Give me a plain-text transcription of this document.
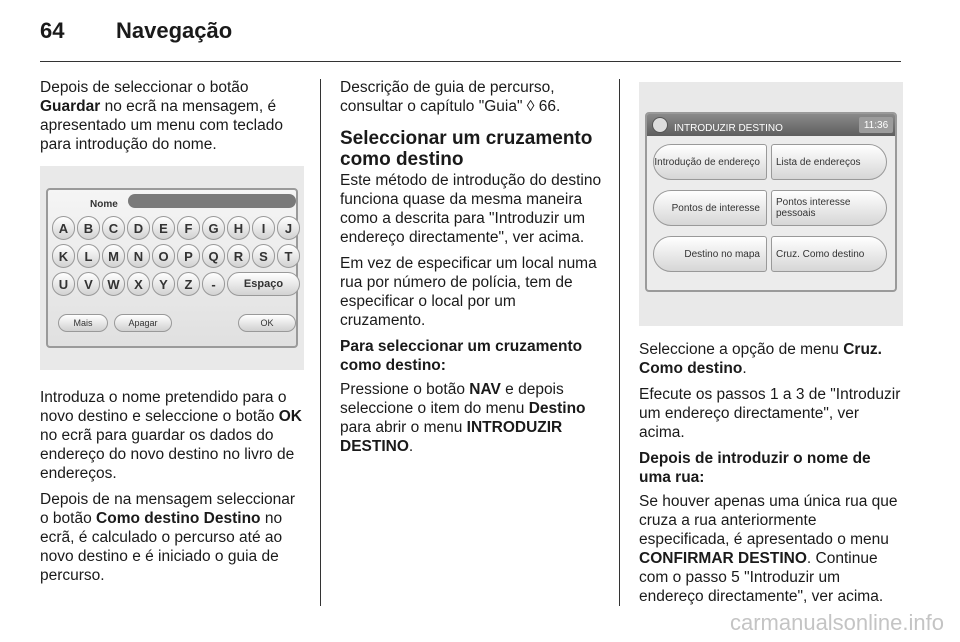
64 Navegação

Depois de seleccionar o botão Guardar no ecrã na mensagem, é apresentado um menu com teclado para introdução do nome.

Nome
A	B	C	D	E	F	G	H	I	J
K	L	M	N	O	P	Q	R	S	T
U	V	W	X	Y	Z	-	Espaço
Mais	Apagar	OK

Introduza o nome pretendido para o novo destino e seleccione o botão OK no ecrã para guardar os dados do endereço do novo destino no livro de endereços.

Depois de na mensagem seleccionar o botão Como destino Destino no ecrã, é calculado o percurso até ao novo destino e é iniciado o guia de percurso.

Descrição de guia de percurso, consultar o capítulo "Guia" ◊ 66.

Seleccionar um cruzamento como destino

Este método de introdução do destino funciona quase da mesma maneira como a descrita para "Introduzir um endereço directamente", ver acima.

Em vez de especificar um local numa rua por número de polícia, tem de especificar o local por um cruzamento.

Para seleccionar um cruzamento como destino:

Pressione o botão NAV e depois seleccione o item do menu Destino para abrir o menu INTRODUZIR DESTINO.

INTRODUZIR DESTINO	11:36
Introdução de endereço	Lista de endereços
Pontos de interesse	Pontos interesse pessoais
Destino no mapa	Cruz. Como destino

Seleccione a opção de menu Cruz. Como destino.

Efecute os passos 1 a 3 de "Introduzir um endereço directamente", ver acima.

Depois de introduzir o nome de uma rua:

Se houver apenas uma única rua que cruza a rua anteriormente especificada, é apresentado o menu CONFIRMAR DESTINO. Continue com o passo 5 "Introduzir um endereço directamente", ver acima.

carmanualsonline.info
